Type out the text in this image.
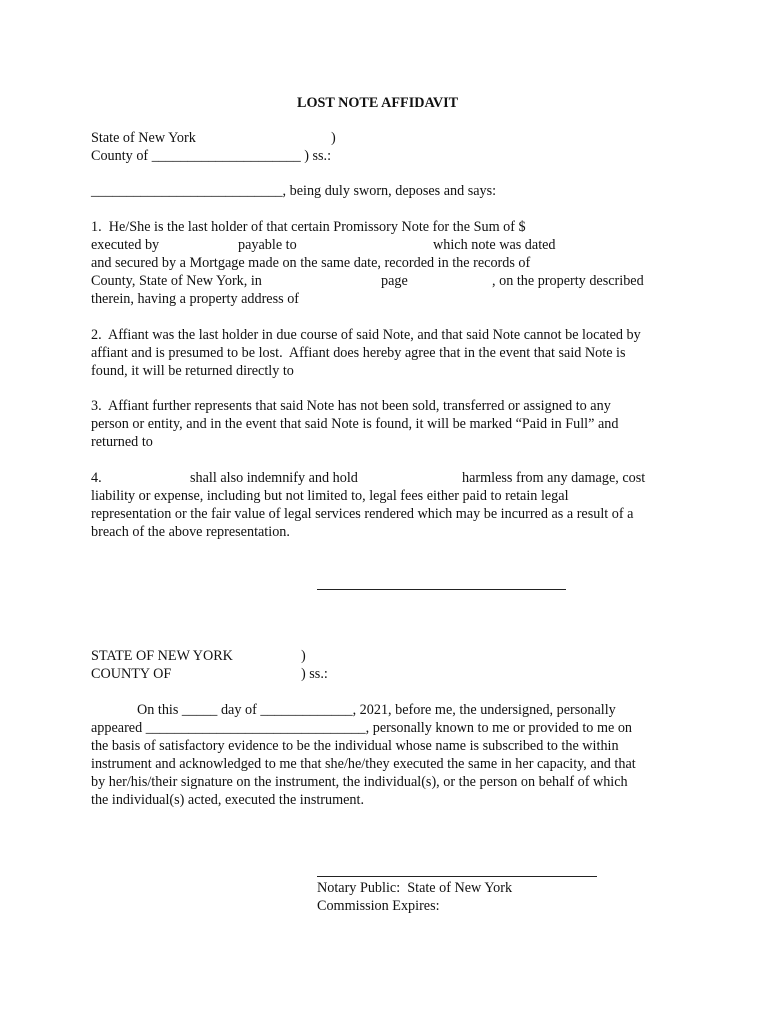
LOST NOTE AFFIDAVIT
State of New York	)
County of _____________________ ) ss.:
___________________________, being duly sworn, deposes and says:
1.  He/She is the last holder of that certain Promissory Note for the Sum of $
executed by	payable to	which note was dated
and secured by a Mortgage made on the same date, recorded in the records of
County, State of New York, in	page	, on the property described
therein, having a property address of
2.  Affiant was the last holder in due course of said Note, and that said Note cannot be located by
affiant and is presumed to be lost.  Affiant does hereby agree that in the event that said Note is
found, it will be returned directly to
3.  Affiant further represents that said Note has not been sold, transferred or assigned to any
person or entity, and in the event that said Note is found, it will be marked “Paid in Full” and
returned to
4.	shall also indemnify and hold	harmless from any damage, cost
liability or expense, including but not limited to, legal fees either paid to retain legal
representation or the fair value of legal services rendered which may be incurred as a result of a
breach of the above representation.
STATE OF NEW YORK	)
COUNTY OF	) ss.:
On this _____ day of _____________, 2021, before me, the undersigned, personally
appeared _______________________________, personally known to me or provided to me on
the basis of satisfactory evidence to be the individual whose name is subscribed to the within
instrument and acknowledged to me that she/he/they executed the same in her capacity, and that
by her/his/their signature on the instrument, the individual(s), or the person on behalf of which
the individual(s) acted, executed the instrument.
Notary Public:  State of New York
Commission Expires:
